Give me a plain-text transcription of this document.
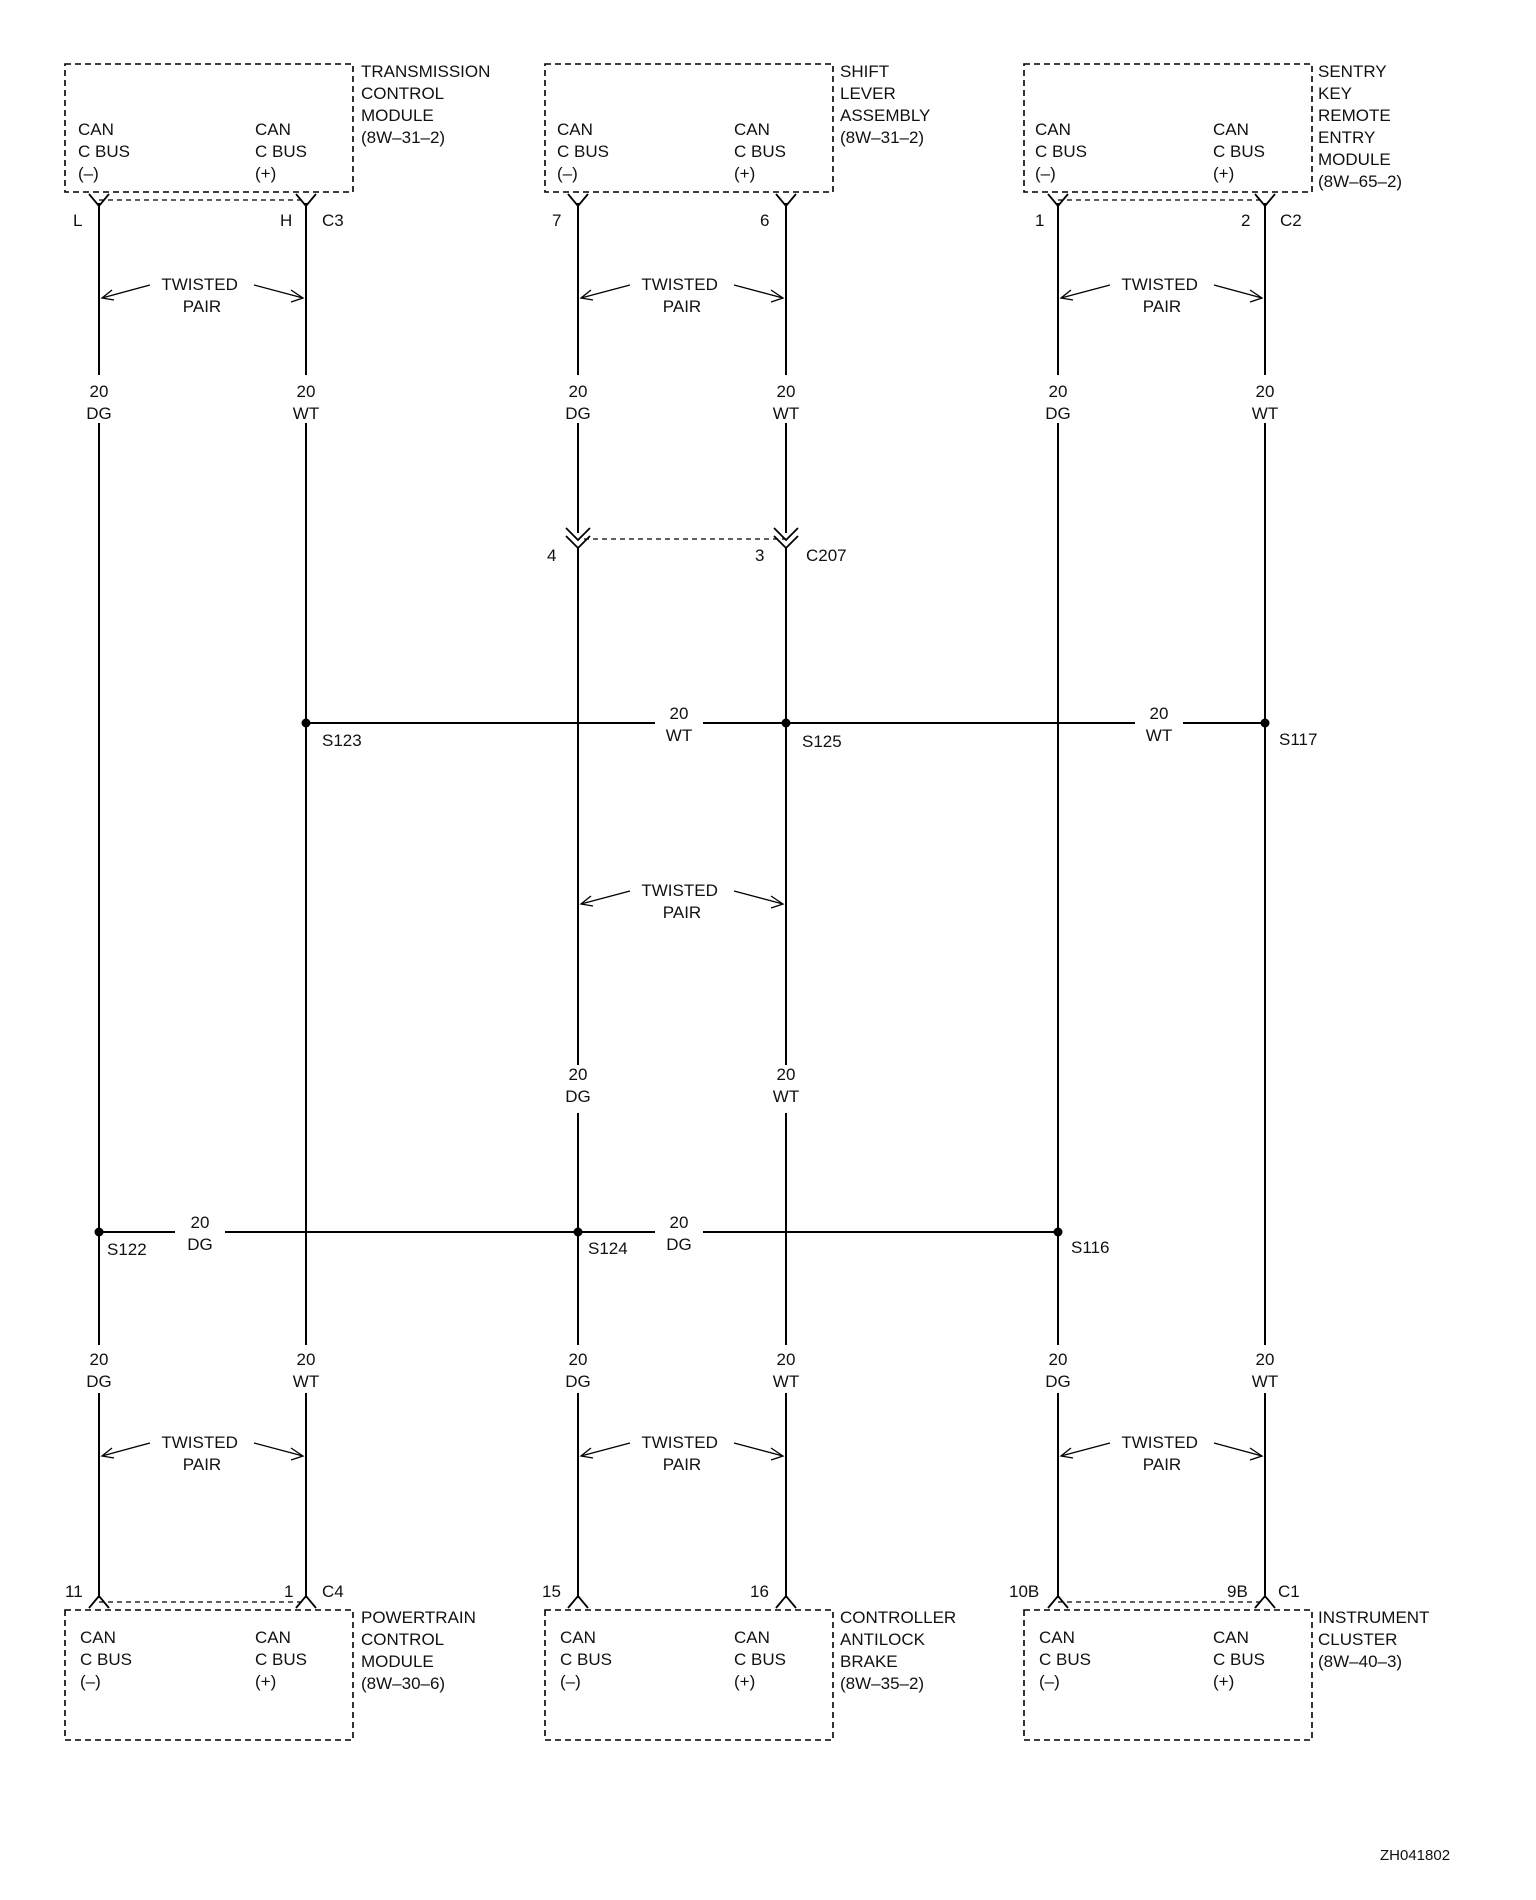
TRANSMISSION CONTROL MODULE (8W–31–2)
SHIFT LEVER ASSEMBLY (8W–31–2)
SENTRY KEY REMOTE ENTRY MODULE (8W–65–2)
POWERTRAIN CONTROL MODULE (8W–30–6)
CONTROLLER ANTILOCK BRAKE (8W–35–2)
INSTRUMENT CLUSTER (8W–40–3)
CAN C BUS (–)
CAN C BUS (+)
CAN C BUS (–)
CAN C BUS (+)
CAN C BUS (–)
CAN C BUS (+)
CAN C BUS (–)
CAN C BUS (+)
CAN C BUS (–)
CAN C BUS (+)
CAN C BUS (–)
CAN C BUS (+)
L	H C3	7	6	1	2 C2
4	3 C207
11	1 C4	15	16	10B	9B C1
TWISTED PAIR
TWISTED PAIR
TWISTED PAIR
TWISTED PAIR
TWISTED PAIR
TWISTED PAIR
TWISTED PAIR
20 DG
20 WT
20 DG
20 WT
20 DG
20 WT
20 WT
20 WT
20 DG
20 WT
20 DG
20 DG
20 DG
20 WT
20 DG
20 WT
20 DG
20 WT
S123	S125	S117
S122	S124	S116
ZH041802
